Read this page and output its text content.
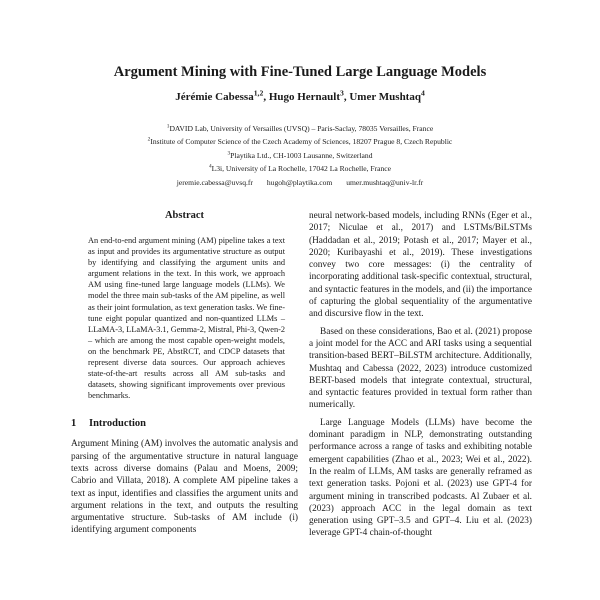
Argument Mining with Fine-Tuned Large Language Models
Jérémie Cabessa$^{1,2}$, Hugo Hernault$^3$, Umer Mushtaq$^4$
$^1$DAVID Lab, University of Versailles (UVSQ) – Paris-Saclay, 78035 Versailles, France
$^2$Institute of Computer Science of the Czech Academy of Sciences, 18207 Prague 8, Czech Republic
$^3$Playtika Ltd., CH-1003 Lausanne, Switzerland
$^4$L3i, University of La Rochelle, 17042 La Rochelle, France
jeremie.cabessa@uvsq.fr hugoh@playtika.com umer.mushtaq@univ-lr.fr
Abstract

An end-to-end argument mining (AM) pipeline takes a text as input and provides its argumentative structure as output by identifying and classifying the argument units and argument relations in the text. In this work, we approach AM using fine-tuned large language models (LLMs). We model the three main sub-tasks of the AM pipeline, as well as their joint formulation, as text generation tasks. We fine-tune eight popular quantized and non-quantized LLMs – LLaMA-3, LLaMA-3.1, Gemma-2, Mistral, Phi-3, Qwen-2 – which are among the most capable open-weight models, on the benchmark PE, AbstRCT, and CDCP datasets that represent diverse data sources. Our approach achieves state-of-the-art results across all AM sub-tasks and datasets, showing significant improvements over previous benchmarks.

1 Introduction

Argument Mining (AM) involves the automatic analysis and parsing of the argumentative structure in natural language texts across diverse domains (Palau and Moens, 2009; Cabrio and Villata, 2018). A complete AM pipeline takes a text as input, identifies and classifies the argument units and argument relations in the text, and outputs the resulting argumentative structure. Sub-tasks of AM include (i) identifying argument components

neural network-based models, including RNNs (Eger et al., 2017; Niculae et al., 2017) and LSTMs/BiLSTMs (Haddadan et al., 2019; Potash et al., 2017; Mayer et al., 2020; Kuribayashi et al., 2019). These investigations convey two core messages: (i) the centrality of incorporating additional task-specific contextual, structural, and syntactic features in the models, and (ii) the importance of capturing the global sequentiality of the argumentative and discursive flow in the text.

Based on these considerations, Bao et al. (2021) propose a joint model for the ACC and ARI tasks using a sequential transition-based BERT–BiLSTM architecture. Additionally, Mushtaq and Cabessa (2022, 2023) introduce customized BERT-based models that integrate contextual, structural, and syntactic features provided in textual form rather than numerically.

Large Language Models (LLMs) have become the dominant paradigm in NLP, demonstrating outstanding performance across a range of tasks and exhibiting notable emergent capabilities (Zhao et al., 2023; Wei et al., 2022). In the realm of LLMs, AM tasks are generally reframed as text generation tasks. Pojoni et al. (2023) use GPT-4 for argument mining in transcribed podcasts. Al Zubaer et al. (2023) approach ACC in the legal domain as text generation using GPT–3.5 and GPT–4. Liu et al. (2023) leverage GPT-4 chain-of-thought
